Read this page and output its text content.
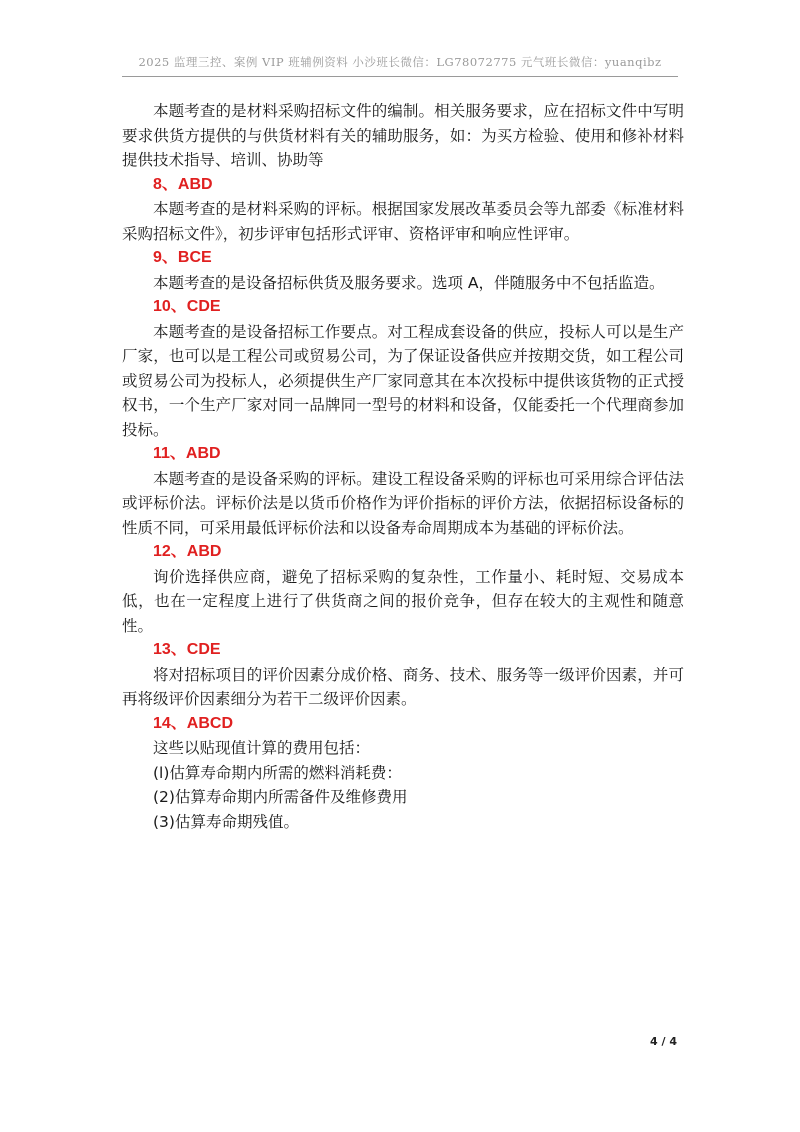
2025 监理三控、案例 VIP 班辅例资料 小沙班长微信：LG78072775 元气班长微信：yuanqibz

本题考查的是材料采购招标文件的编制。相关服务要求，应在招标文件中写明要求供货方提供的与供货材料有关的辅助服务，如：为买方检验、使用和修补材料提供技术指导、培训、协助等

8、ABD

本题考查的是材料采购的评标。根据国家发展改革委员会等九部委《标准材料采购招标文件》，初步评审包括形式评审、资格评审和响应性评审。

9、BCE

本题考查的是设备招标供货及服务要求。选项 A，伴随服务中不包括监造。

10、CDE

本题考查的是设备招标工作要点。对工程成套设备的供应，投标人可以是生产厂家，也可以是工程公司或贸易公司，为了保证设备供应并按期交货，如工程公司或贸易公司为投标人，必须提供生产厂家同意其在本次投标中提供该货物的正式授权书，一个生产厂家对同一品牌同一型号的材料和设备，仅能委托一个代理商参加投标。

11、ABD

本题考查的是设备采购的评标。建设工程设备采购的评标也可采用综合评估法或评标价法。评标价法是以货币价格作为评价指标的评价方法，依据招标设备标的性质不同，可采用最低评标价法和以设备寿命周期成本为基础的评标价法。

12、ABD

询价选择供应商，避免了招标采购的复杂性，工作量小、耗时短、交易成本低，也在一定程度上进行了供货商之间的报价竞争，但存在较大的主观性和随意性。

13、CDE

将对招标项目的评价因素分成价格、商务、技术、服务等一级评价因素，并可再将级评价因素细分为若干二级评价因素。

14、ABCD

这些以贴现值计算的费用包括：

(l)估算寿命期内所需的燃料消耗费：

(2)估算寿命期内所需备件及维修费用

(3)估算寿命期残值。

4 / 4
